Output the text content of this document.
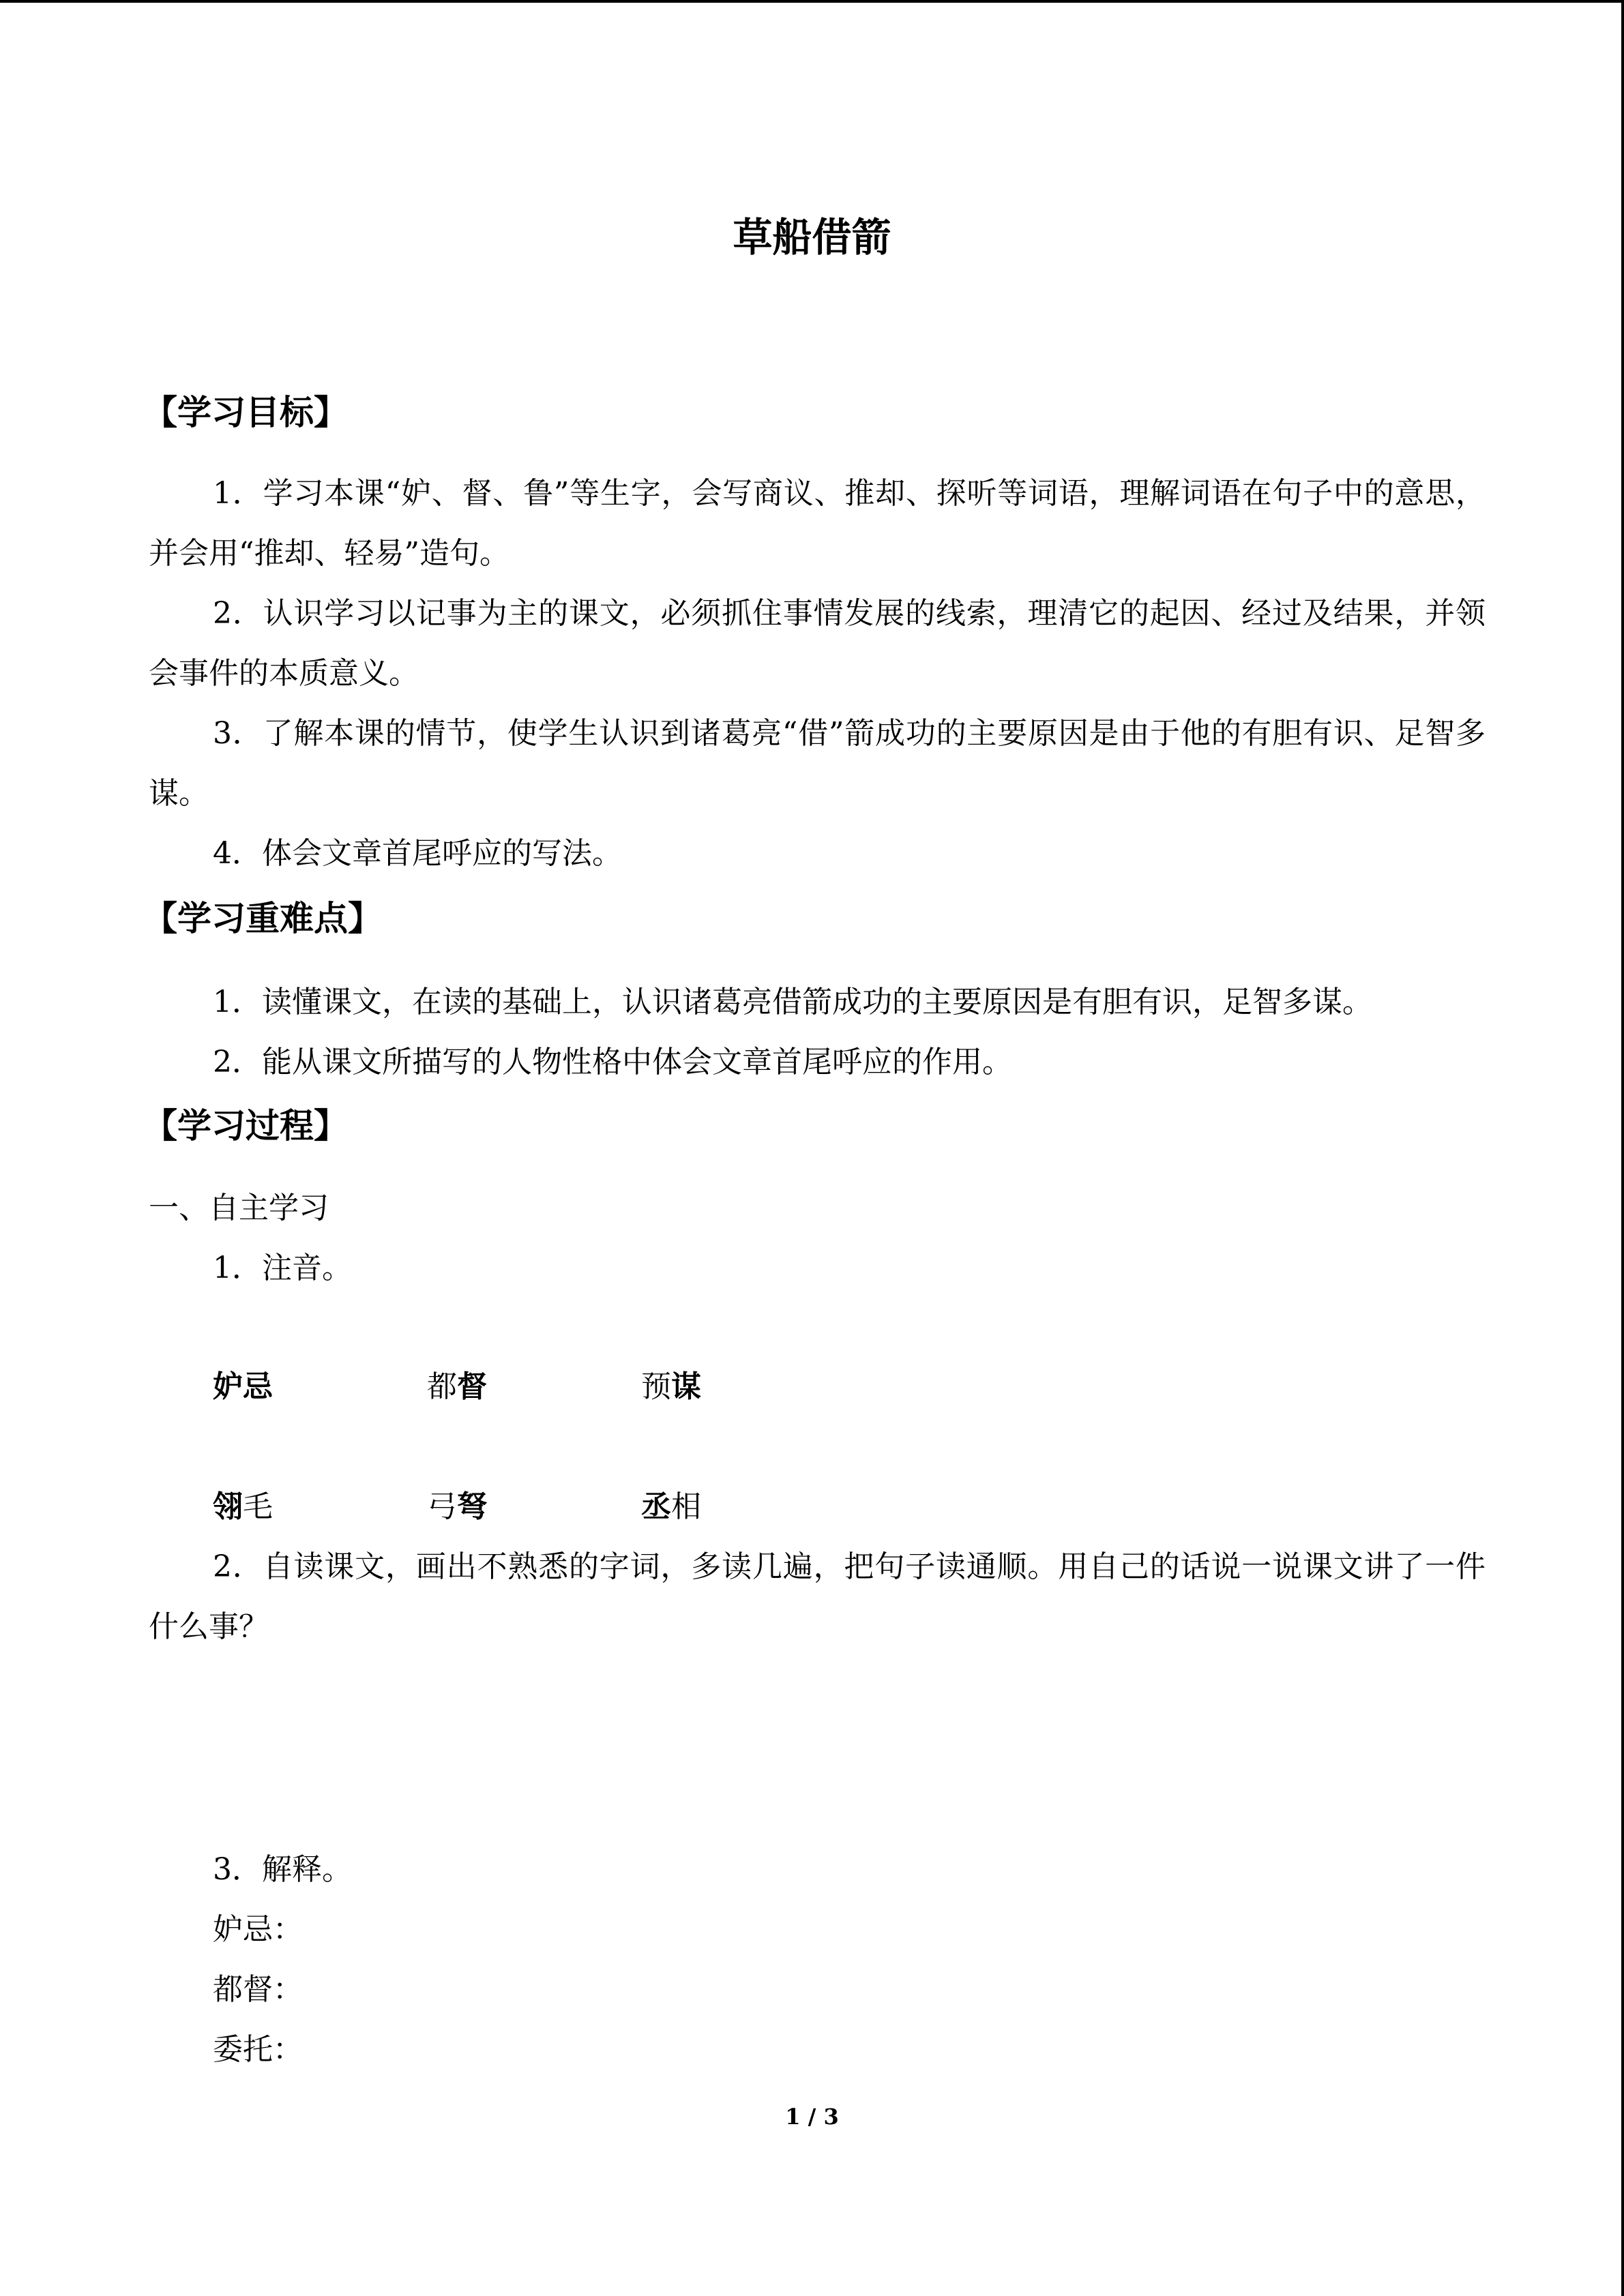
草船借箭
【学习目标】
1．学习本课“妒、督、鲁”等生字，会写商议、推却、探听等词语，理解词语在句子中的意思，并会用“推却、轻易”造句。
2．认识学习以记事为主的课文，必须抓住事情发展的线索，理清它的起因、经过及结果，并领会事件的本质意义。
3．了解本课的情节，使学生认识到诸葛亮“借”箭成功的主要原因是由于他的有胆有识、足智多谋。
4．体会文章首尾呼应的写法。
【学习重难点】
1．读懂课文，在读的基础上，认识诸葛亮借箭成功的主要原因是有胆有识，足智多谋。
2．能从课文所描写的人物性格中体会文章首尾呼应的作用。
【学习过程】
一、自主学习
1．注音。
妒忌	都督	预谋
翎毛	弓弩	丞相
2．自读课文，画出不熟悉的字词，多读几遍，把句子读通顺。用自己的话说一说课文讲了一件什么事？
3．解释。
妒忌：
都督：
委托：
1 / 3
